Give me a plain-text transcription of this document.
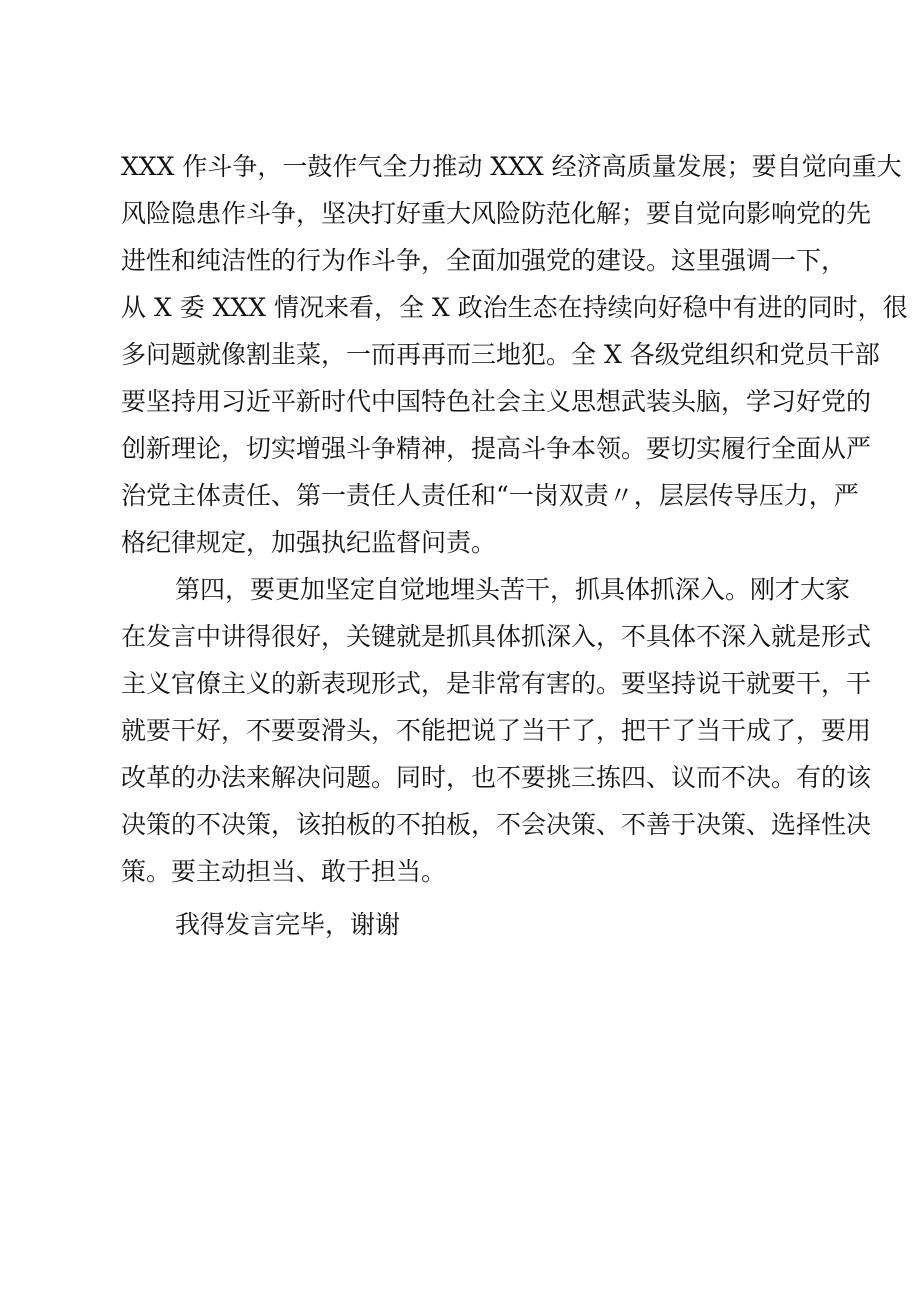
XXX 作斗争，一鼓作气全力推动 XXX 经济高质量发展；要自觉向重大
风险隐患作斗争，坚决打好重大风险防范化解；要自觉向影响党的先
进性和纯洁性的行为作斗争，全面加强党的建设。这里强调一下，
从 X 委 XXX 情况来看，全 X 政治生态在持续向好稳中有进的同时，很
多问题就像割韭菜，一而再再而三地犯。全 X 各级党组织和党员干部
要坚持用习近平新时代中国特色社会主义思想武装头脑，学习好党的
创新理论，切实增强斗争精神，提高斗争本领。要切实履行全面从严
治党主体责任、第一责任人责任和“一岗双责〃，层层传导压力，严
格纪律规定，加强执纪监督问责。
第四，要更加坚定自觉地埋头苦干，抓具体抓深入。刚才大家
在发言中讲得很好，关键就是抓具体抓深入，不具体不深入就是形式
主义官僚主义的新表现形式，是非常有害的。要坚持说干就要干，干
就要干好，不要耍滑头，不能把说了当干了，把干了当干成了，要用
改革的办法来解决问题。同时，也不要挑三拣四、议而不决。有的该
决策的不决策，该拍板的不拍板，不会决策、不善于决策、选择性决
策。要主动担当、敢于担当。
我得发言完毕，谢谢
